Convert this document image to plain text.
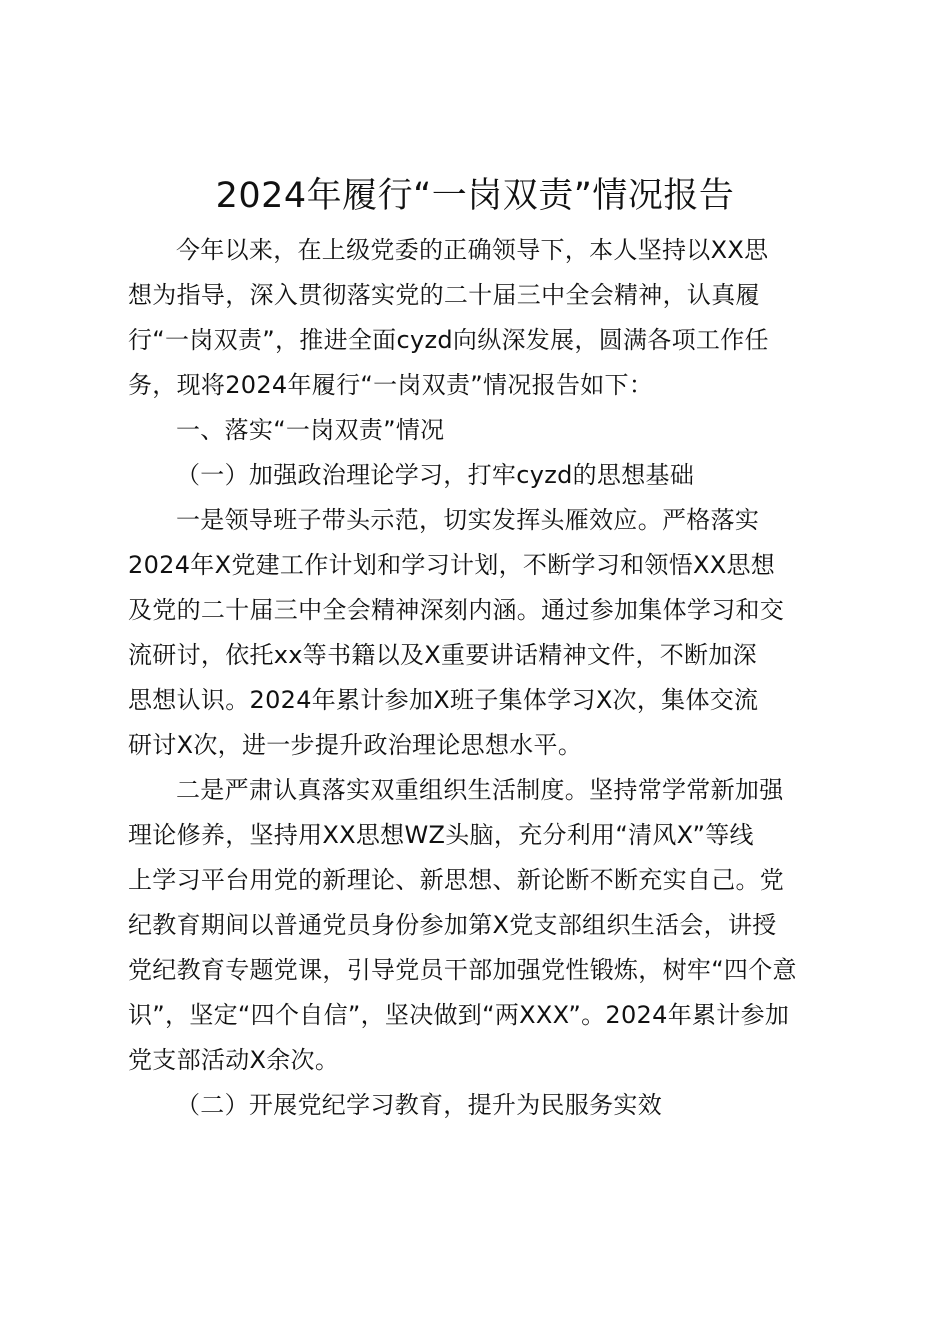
2024年履行“一岗双责”情况报告
今年以来，在上级党委的正确领导下，本人坚持以XX思
想为指导，深入贯彻落实党的二十届三中全会精神，认真履
行“一岗双责”，推进全面cyzd向纵深发展，圆满各项工作任
务，现将2024年履行“一岗双责”情况报告如下：
一、落实“一岗双责”情况
（一）加强政治理论学习，打牢cyzd的思想基础
一是领导班子带头示范，切实发挥头雁效应。严格落实
2024年X党建工作计划和学习计划，不断学习和领悟XX思想
及党的二十届三中全会精神深刻内涵。通过参加集体学习和交
流研讨，依托xx等书籍以及X重要讲话精神文件，不断加深
思想认识。2024年累计参加X班子集体学习X次，集体交流
研讨X次，进一步提升政治理论思想水平。
二是严肃认真落实双重组织生活制度。坚持常学常新加强
理论修养，坚持用XX思想WZ头脑，充分利用“清风X”等线
上学习平台用党的新理论、新思想、新论断不断充实自己。党
纪教育期间以普通党员身份参加第X党支部组织生活会，讲授
党纪教育专题党课，引导党员干部加强党性锻炼，树牢“四个意
识”，坚定“四个自信”，坚决做到“两XXX”。2024年累计参加
党支部活动X余次。
（二）开展党纪学习教育，提升为民服务实效
